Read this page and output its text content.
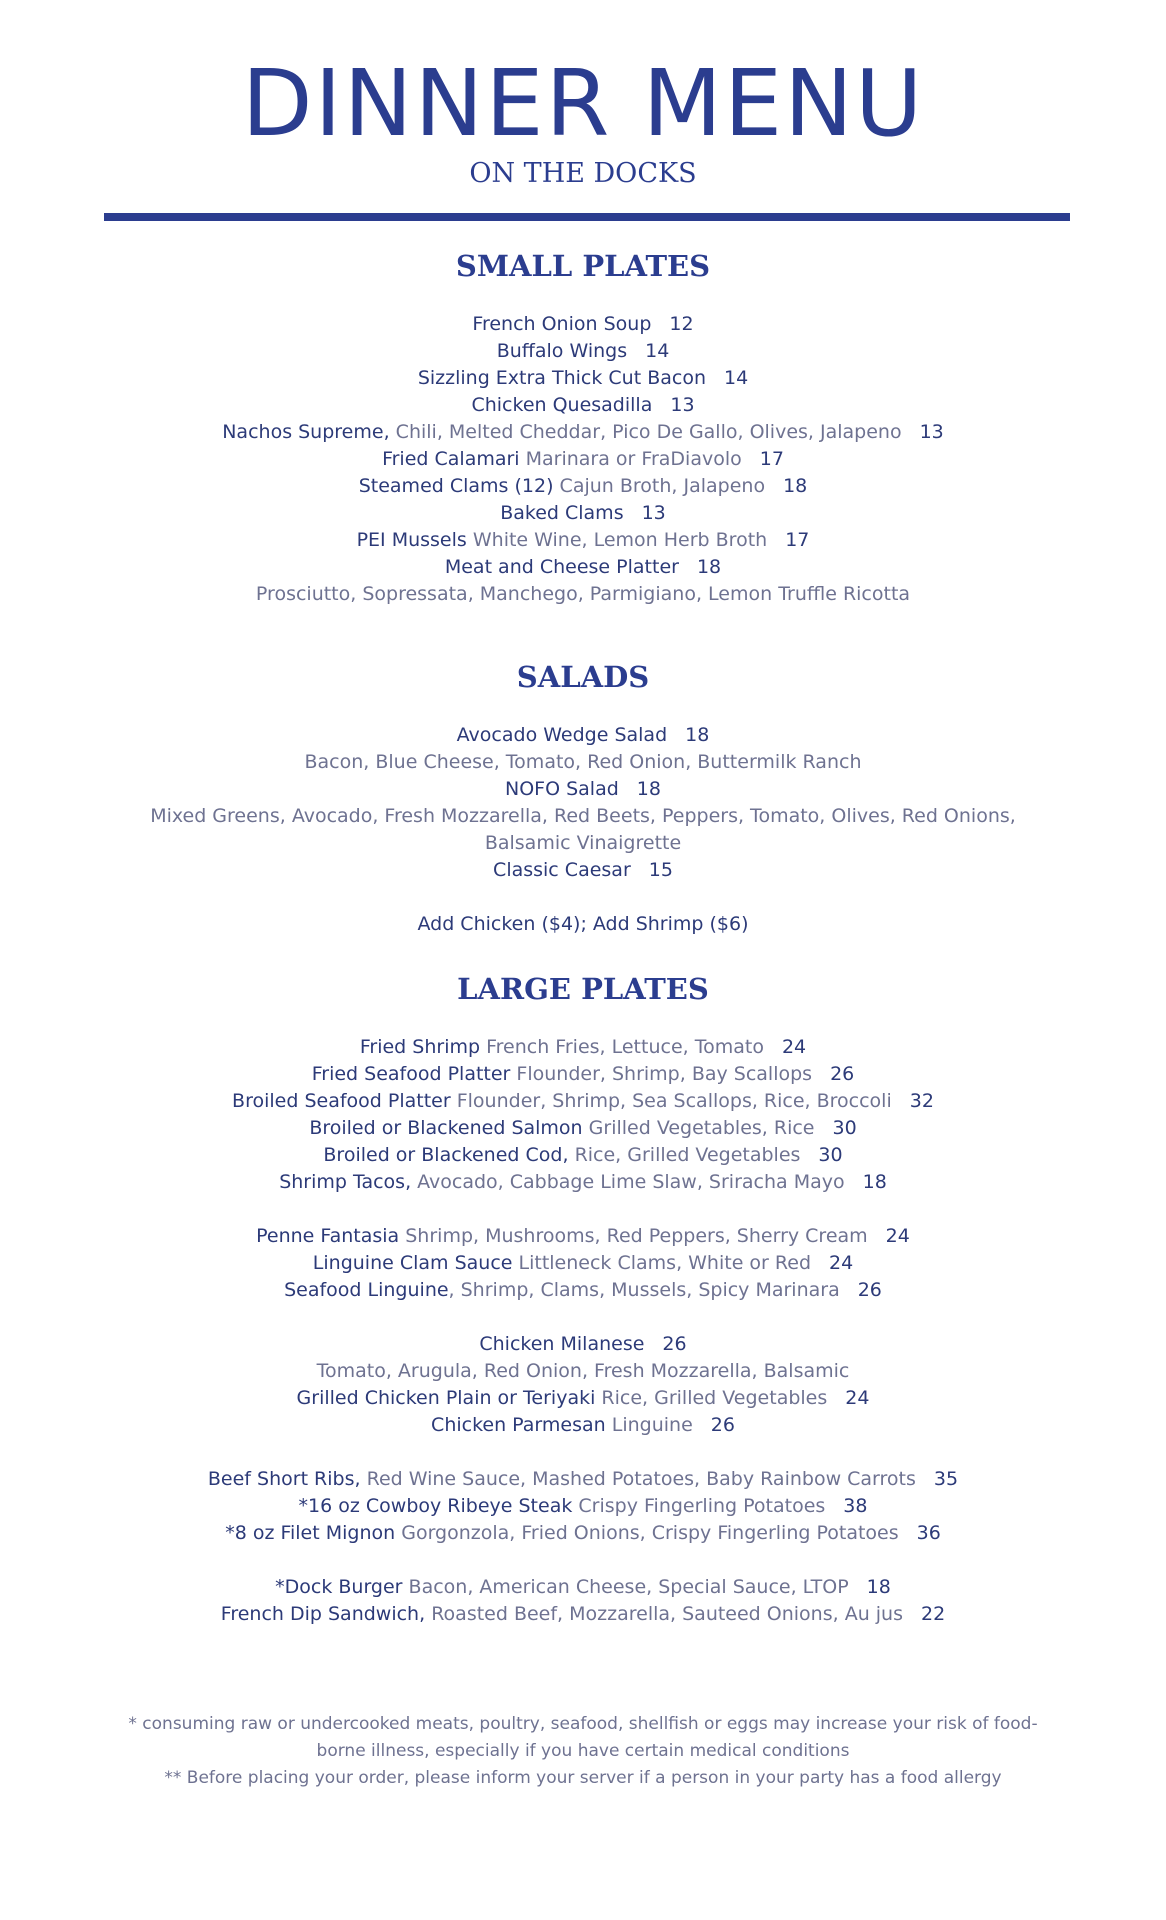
DINNER MENU
ON THE DOCKS
SMALL PLATES
French Onion Soup 12
Buffalo Wings 14
Sizzling Extra Thick Cut Bacon 14
Chicken Quesadilla 13
Nachos Supreme, Chili, Melted Cheddar, Pico De Gallo, Olives, Jalapeno 13
Fried Calamari Marinara or FraDiavolo 17
Steamed Clams (12) Cajun Broth, Jalapeno 18
Baked Clams 13
PEI Mussels White Wine, Lemon Herb Broth 17
Meat and Cheese Platter 18
Prosciutto, Sopressata, Manchego, Parmigiano, Lemon Truffle Ricotta
SALADS
Avocado Wedge Salad 18
Bacon, Blue Cheese, Tomato, Red Onion, Buttermilk Ranch
NOFO Salad 18
Mixed Greens, Avocado, Fresh Mozzarella, Red Beets, Peppers, Tomato, Olives, Red Onions,
Balsamic Vinaigrette
Classic Caesar 15
Add Chicken ($4); Add Shrimp ($6)
LARGE PLATES
Fried Shrimp French Fries, Lettuce, Tomato 24
Fried Seafood Platter Flounder, Shrimp, Bay Scallops 26
Broiled Seafood Platter Flounder, Shrimp, Sea Scallops, Rice, Broccoli 32
Broiled or Blackened Salmon Grilled Vegetables, Rice 30
Broiled or Blackened Cod, Rice, Grilled Vegetables 30
Shrimp Tacos, Avocado, Cabbage Lime Slaw, Sriracha Mayo 18
Penne Fantasia Shrimp, Mushrooms, Red Peppers, Sherry Cream 24
Linguine Clam Sauce Littleneck Clams, White or Red 24
Seafood Linguine, Shrimp, Clams, Mussels, Spicy Marinara 26
Chicken Milanese 26
Tomato, Arugula, Red Onion, Fresh Mozzarella, Balsamic
Grilled Chicken Plain or Teriyaki Rice, Grilled Vegetables 24
Chicken Parmesan Linguine 26
Beef Short Ribs, Red Wine Sauce, Mashed Potatoes, Baby Rainbow Carrots 35
*16 oz Cowboy Ribeye Steak Crispy Fingerling Potatoes 38
*8 oz Filet Mignon Gorgonzola, Fried Onions, Crispy Fingerling Potatoes 36
*Dock Burger Bacon, American Cheese, Special Sauce, LTOP 18
French Dip Sandwich, Roasted Beef, Mozzarella, Sauteed Onions, Au jus 22
* consuming raw or undercooked meats, poultry, seafood, shellfish or eggs may increase your risk of food-
borne illness, especially if you have certain medical conditions
** Before placing your order, please inform your server if a person in your party has a food allergy
